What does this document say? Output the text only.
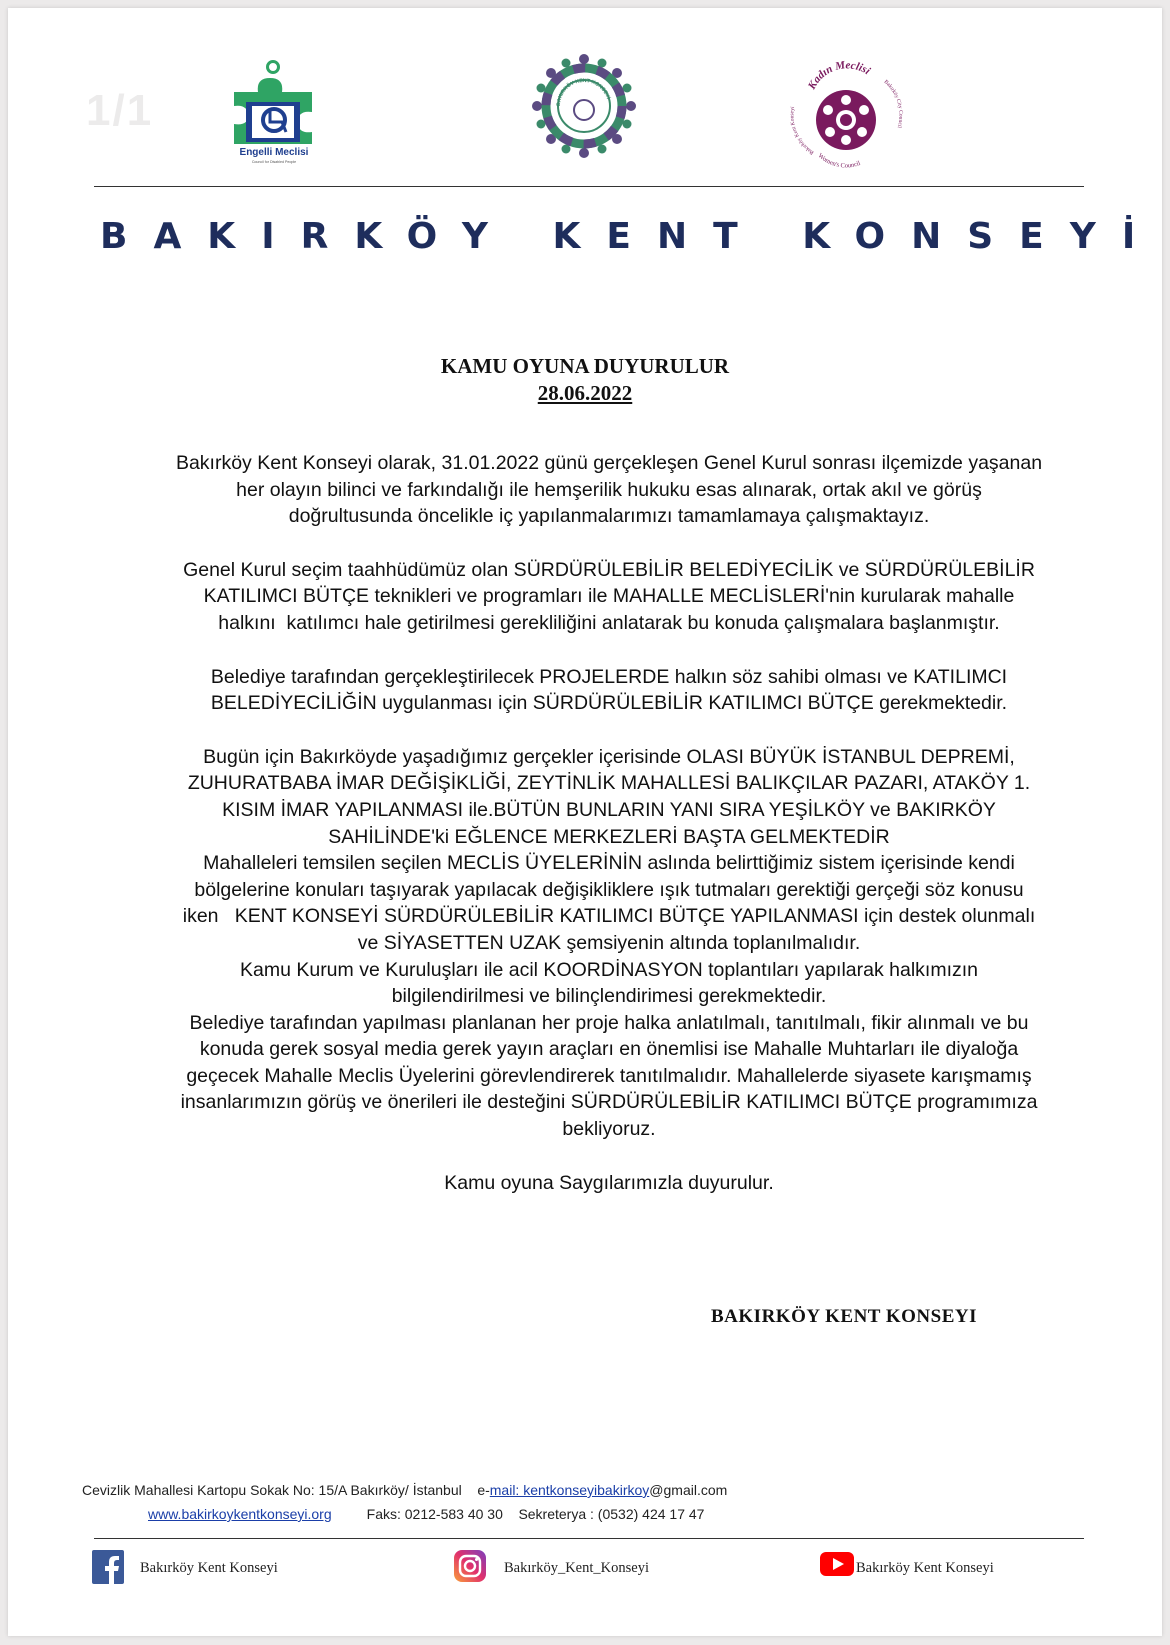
1/1
Engelli Meclisi
Council for Disabled People
BAKIRKÖY KENT KONSEYİ
Kadın Meclisi
Bakırköy Kent Konseyi
Bakırköy City Council
Women's Council
BAKIRKÖY KENT KONSEYİ
KAMU OYUNA DUYURULUR
28.06.2022

Bakırköy Kent Konseyi olarak, 31.01.2022 günü gerçekleşen Genel Kurul sonrası ilçemizde yaşanan

her olayın bilinci ve farkındalığı ile hemşerilik hukuku esas alınarak, ortak akıl ve görüş

doğrultusunda öncelikle iç yapılanmalarımızı tamamlamaya çalışmaktayız.

Genel Kurul seçim taahhüdümüz olan SÜRDÜRÜLEBİLİR BELEDİYECİLİK ve SÜRDÜRÜLEBİLİR

KATILIMCI BÜTÇE teknikleri ve programları ile MAHALLE MECLİSLERİ'nin kurularak mahalle

halkını  katılımcı hale getirilmesi gerekliliğini anlatarak bu konuda çalışmalara başlanmıştır.

Belediye tarafından gerçekleştirilecek PROJELERDE halkın söz sahibi olması ve KATILIMCI

BELEDİYECİLİĞİN uygulanması için SÜRDÜRÜLEBİLİR KATILIMCI BÜTÇE gerekmektedir.

Bugün için Bakırköyde yaşadığımız gerçekler içerisinde OLASI BÜYÜK İSTANBUL DEPREMİ,

ZUHURATBABA İMAR DEĞİŞİKLİĞİ, ZEYTİNLİK MAHALLESİ BALIKÇILAR PAZARI, ATAKÖY 1.

KISIM İMAR YAPILANMASI ile.BÜTÜN BUNLARIN YANI SIRA YEŞİLKÖY ve BAKIRKÖY

SAHİLİNDE'ki EĞLENCE MERKEZLERİ BAŞTA GELMEKTEDİR

Mahalleleri temsilen seçilen MECLİS ÜYELERİNİN aslında belirttiğimiz sistem içerisinde kendi

bölgelerine konuları taşıyarak yapılacak değişikliklere ışık tutmaları gerektiği gerçeği söz konusu

iken   KENT KONSEYİ SÜRDÜRÜLEBİLİR KATILIMCI BÜTÇE YAPILANMASI için destek olunmalı

ve SİYASETTEN UZAK şemsiyenin altında toplanılmalıdır.

Kamu Kurum ve Kuruluşları ile acil KOORDİNASYON toplantıları yapılarak halkımızın

bilgilendirilmesi ve bilinçlendirimesi gerekmektedir.

Belediye tarafından yapılması planlanan her proje halka anlatılmalı, tanıtılmalı, fikir alınmalı ve bu

konuda gerek sosyal media gerek yayın araçları en önemlisi ise Mahalle Muhtarları ile diyaloğa

geçecek Mahalle Meclis Üyelerini görevlendirerek tanıtılmalıdır. Mahallelerde siyasete karışmamış

insanlarımızın görüş ve önerileri ile desteğini SÜRDÜRÜLEBİLİR KATILIMCI BÜTÇE programımıza

bekliyoruz.

Kamu oyuna Saygılarımızla duyurulur.

BAKIRKÖY KENT KONSEYI
Cevizlik Mahallesi Kartopu Sokak No: 15/A Bakırköy/ İstanbul e-mail: kentkonseyibakirkoy@gmail.com
www.bakirkoykentkonseyi.org	Faks: 0212-583 40 30 Sekreterya : (0532) 424 17 47
Bakırköy Kent Konseyi	Bakırköy_Kent_Konseyi	Bakırköy Kent Konseyi
